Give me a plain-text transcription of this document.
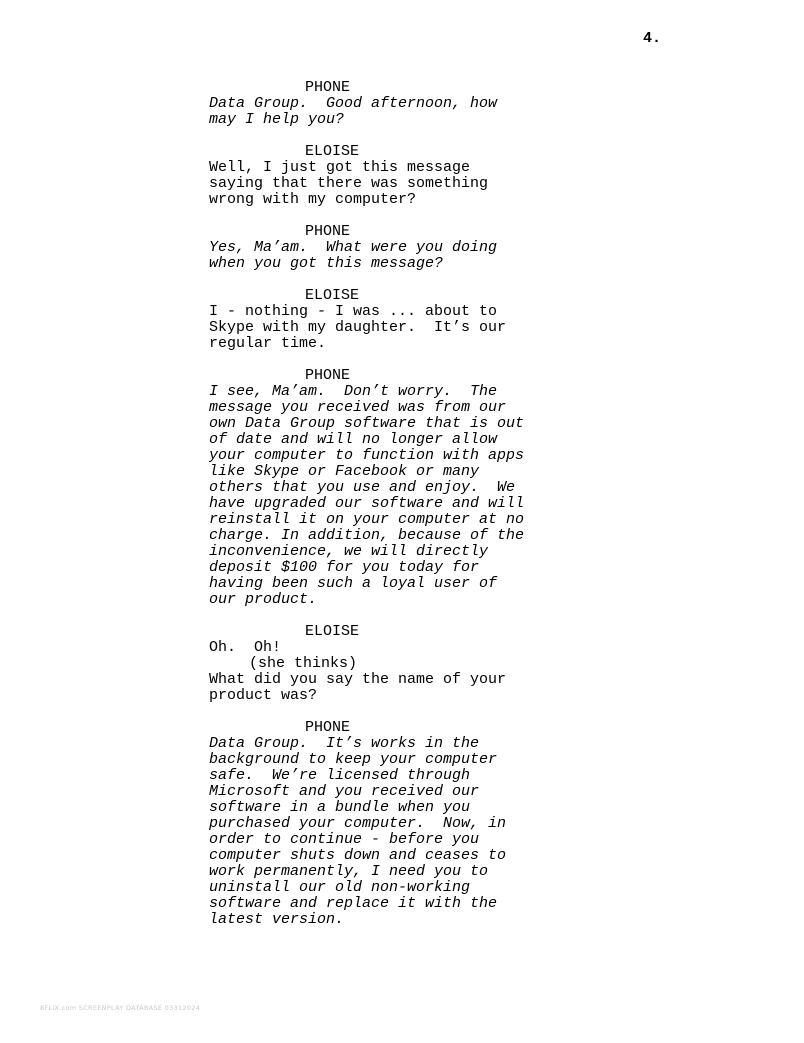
4.
PHONE
Data Group.  Good afternoon, how
may I help you?
ELOISE
Well, I just got this message
saying that there was something
wrong with my computer?
PHONE
Yes, Ma’am.  What were you doing
when you got this message?
ELOISE
I - nothing - I was ... about to
Skype with my daughter.  It’s our
regular time.
PHONE
I see, Ma’am.  Don’t worry.  The
message you received was from our
own Data Group software that is out
of date and will no longer allow
your computer to function with apps
like Skype or Facebook or many
others that you use and enjoy.  We
have upgraded our software and will
reinstall it on your computer at no
charge. In addition, because of the
inconvenience, we will directly
deposit $100 for you today for
having been such a loyal user of
our product.
ELOISE
Oh.  Oh!
(she thinks)
What did you say the name of your
product was?
PHONE
Data Group.  It’s works in the
background to keep your computer
safe.  We’re licensed through
Microsoft and you received our
software in a bundle when you
purchased your computer.  Now, in
order to continue - before you
computer shuts down and ceases to
work permanently, I need you to
uninstall our old non-working
software and replace it with the
latest version.
8FLiX.com SCREENPLAY DATABASE 03312024
